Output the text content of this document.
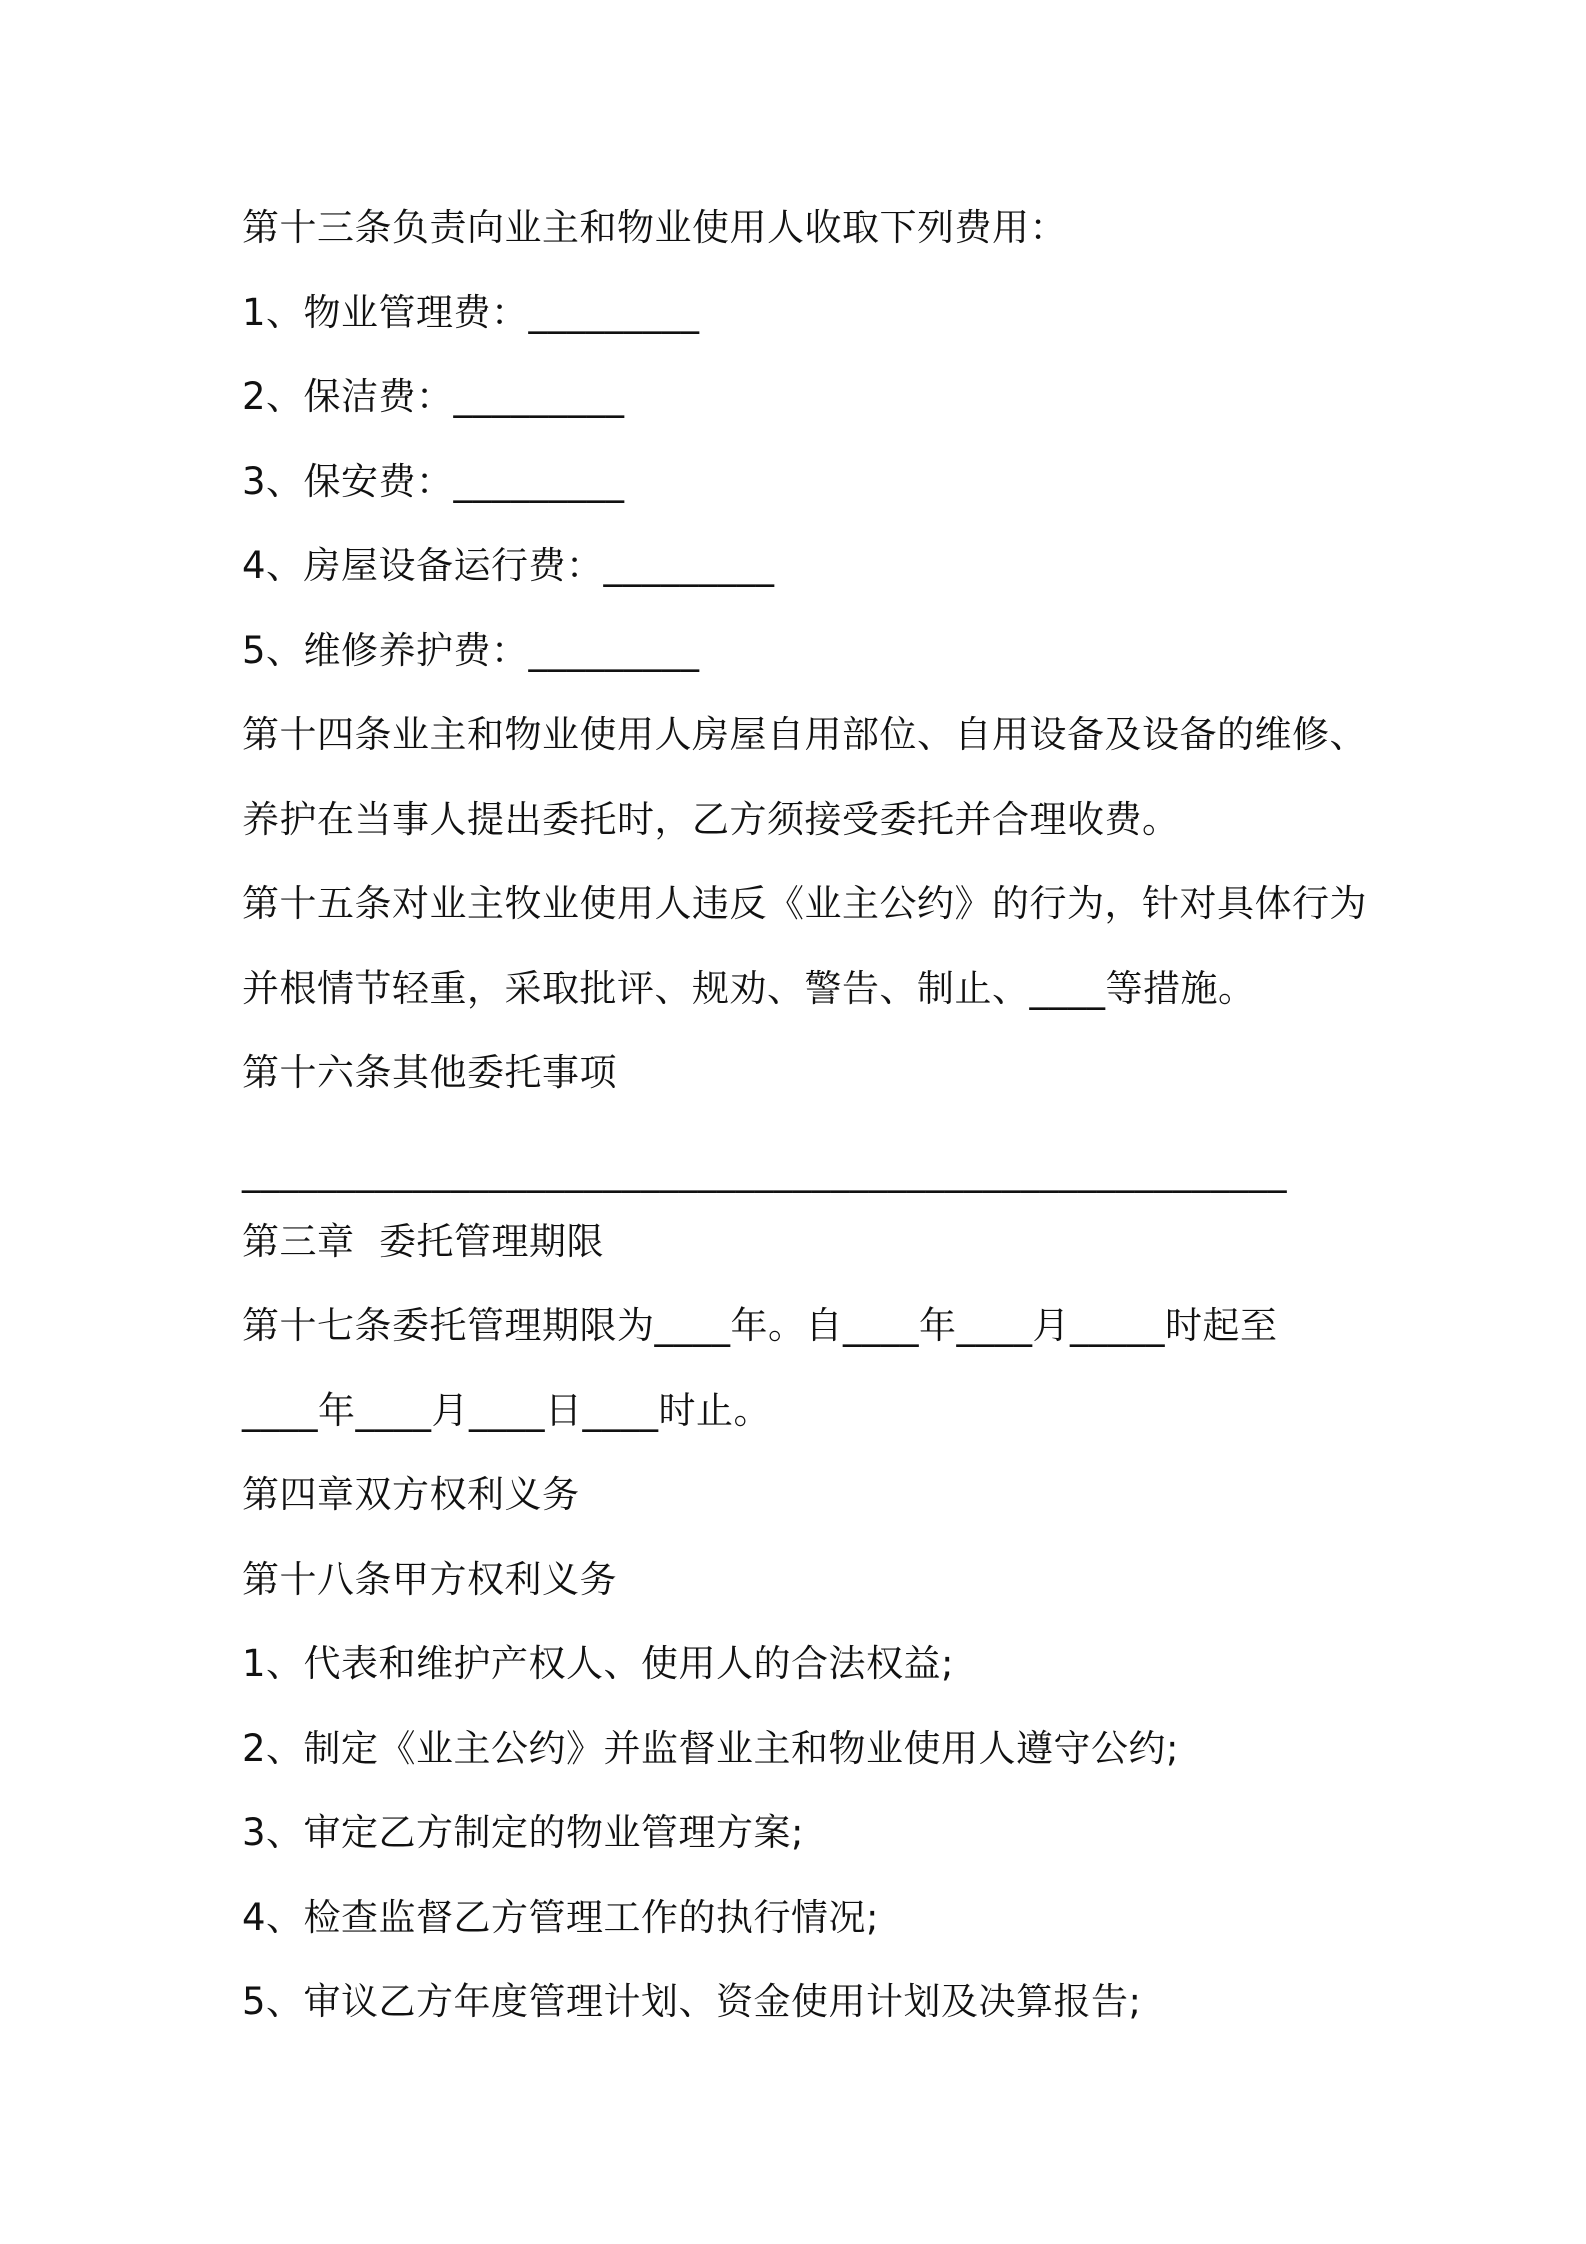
第十三条负责向业主和物业使用人收取下列费用：
1、物业管理费：_________
2、保洁费：_________
3、保安费：_________
4、房屋设备运行费：_________
5、维修养护费：_________
第十四条业主和物业使用人房屋自用部位、自用设备及设备的维修、
养护在当事人提出委托时，乙方须接受委托并合理收费。
第十五条对业主牧业使用人违反《业主公约》的行为，针对具体行为
并根情节轻重，采取批评、规劝、警告、制止、____等措施。
第十六条其他委托事项
_______________________________________________________
第三章  委托管理期限
第十七条委托管理期限为____年。自____年____月_____时起至
____年____月____日____时止。
第四章双方权利义务
第十八条甲方权利义务
1、代表和维护产权人、使用人的合法权益;
2、制定《业主公约》并监督业主和物业使用人遵守公约;
3、审定乙方制定的物业管理方案;
4、检查监督乙方管理工作的执行情况;
5、审议乙方年度管理计划、资金使用计划及决算报告;
